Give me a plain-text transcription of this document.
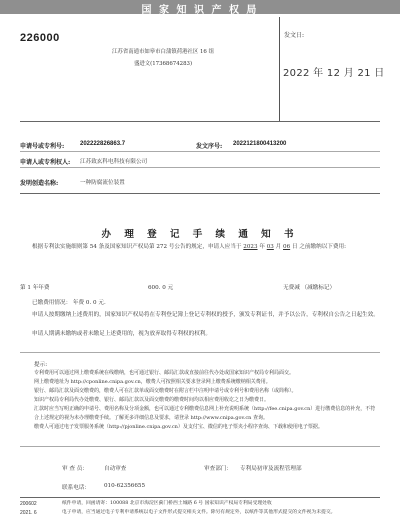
国 家 知 识 产 权 局
226000
江苏省南通市如皋市白蒲镇荷港社区 16 组
盛进文(17368674283)
发文日:
2022 年 12 月 21 日
申请号或专利号:	202222826863.7	发文序号: 2022121800413200
申请人或专利权人: 江苏致玄科电科技有限公司
发明创造名称:	一种防腐流位装置
办 理 登 记 手 续 通 知 书
根据专利法实施细则第 54 条及国家知识产权局第 272 号公告的规定，申请人应当于 2023 年 03 月 06 日 之前缴纳以下费用:
第 1 年年费	600. 0 元	无费减 （减缴标记）
已缴费用情况： 年费 0. 0 元.
申请人按期缴纳上述费用的，国家知识产权局将在专利登记簿上登记专利权的授予，颁发专利证书，并予以公告，专利权自公告之日起生效。
申请人期满未缴纳或者未缴足上述费用的，视为放弃取得专利权的权利。
提示:
专利费用可以通过网上缴费系统在线缴纳，也可通过银行、邮局汇款或直接前往代办处或国家知识产权局专利局面交。
网上缴费地址为 http://cponline.cnipa.gov.cn，缴费人可按照相关要求登录网上缴费系统缴纳相关费用。
银行、邮局汇款及面交缴费的，缴费人可在汇款单或面交缴费时在附言栏中注明申请号或专利号和费用名称（或简称）。
知识产权局专利局代办处缴费、银行、邮局汇款以及面交缴费的缴费时间均以相应费用收讫之日为缴费日。
汇款时应当写明正确的申请号、费用名称及分项金额，也可以通过专利缴费信息网上补充说明系统（http://fee.cnipa.gov.cn）进行缴费信息的补充，不符合上述规定的视为未办理缴费手续。了解更多详细信息及要求，请登录 http://www.cnipa.gov.cn 查询。
缴费人可通过电子发票服务系统（http://pjonline.cnipa.gov.cn）及支付宝、微信的电子票夹小程序查询、下载和使用电子票据。
审 查 员：	自动审查	审查部门： 专利局初审及流程管理部
联系电话：	010-62356655
200602
2021. 6
纸件申请，回函请寄：100088 北京市海淀区蓟门桥西土城路 6 号 国家知识产权局专利局受理处收
电子申请，应当通过电子专利申请系统以电子文件形式提交相关文件。除另有规定外，以纸件等其他形式提交的文件视为未提交。
